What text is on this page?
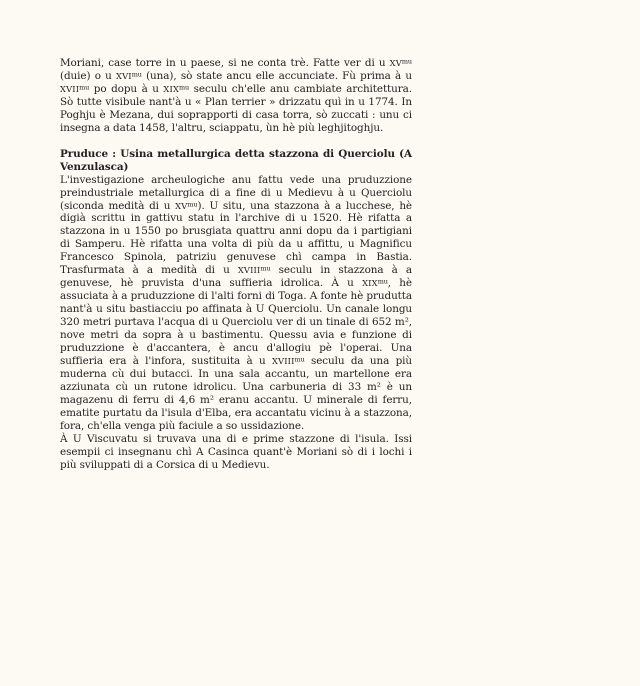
Moriani, case torre in u paese, si ne conta trè. Fatte ver di u $XV^{mu}$ (duie) o u $XVI^{mu}$ (una), sò state ancu elle accunciate. Fù prima à u $XVII^{mu}$ po dopu à u $XIX^{mu}$ seculu ch'elle anu cambiate architettura. Sò tutte visibule nant'à u « Plan terrier » drizzatu quì in u 1774. In Poghju è Mezana, dui soprapporti di casa torra, sò zuccati : unu ci insegna a data 1458, l'altru, sciappatu, ùn hè più leghjitoghju.

Pruduce : Usina metallurgica detta stazzona di Querciolu (A Venzulasca)

L'investigazione archeulogiche anu fattu vede una pruduzzione preindustriale metallurgica di a fine di u Medievu à u Querciolu (siconda medità di u $XV^{mu}$). U situ, una stazzona à a lucchese, hè digià scrittu in gattivu statu in l'archive di u 1520. Hè rifatta a stazzona in u 1550 po brusgiata quattru anni dopu da i partigiani di Samperu. Hè rifatta una volta di più da u affittu, u Magnificu Francesco Spinola, patriziu genuvese chì campa in Bastia. Trasfurmata à a medità di u $XVIII^{mu}$ seculu in stazzona à a genuvese, hè pruvista d'una suffieria idrolica. À u $XIX^{mu}$, hè assuciata à a pruduzzione di l'alti forni di Toga. A fonte hè prudutta nant'à u situ bastiacciu po affinata à U Querciolu. Un canale longu 320 metri purtava l'acqua di u Querciolu ver di un tinale di 652 m², nove metri da sopra à u bastimentu. Quessu avia e funzione di pruduzzione è d'accantera, è ancu d'allogiu pè l'operai. Una suffieria era à l'infora, sustituita à u $XVIII^{mu}$ seculu da una più muderna cù dui butacci. In una sala accantu, un martellone era azziunata cù un rutone idrolicu. Una carbuneria di 33 m² è un magazenu di ferru di 4,6 m² eranu accantu. U minerale di ferru, ematite purtatu da l'isula d'Elba, era accantatu vicinu à a stazzona, fora, ch'ella venga più faciule a so ussidazione.

À U Viscuvatu si truvava una di e prime stazzone di l'isula. Issi esempii ci insegnanu chì A Casinca quant'è Moriani sò di i lochi i più sviluppati di a Corsica di u Medievu.
